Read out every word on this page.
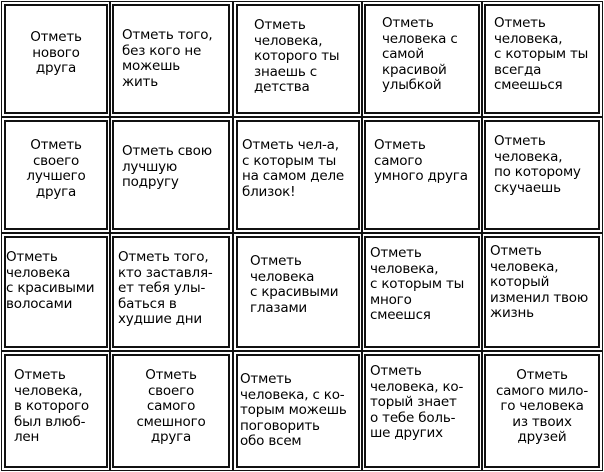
Отметь
нового
друга
Отметь того,
без кого не
можешь
жить
Отметь
человека,
которого ты
знаешь с
детства
Отметь
человека с
самой
красивой
улыбкой
Отметь
человека,
с которым ты
всегда
смеешься
Отметь
своего
лучшего
друга
Отметь свою
лучшую
подругу
Отметь чел-а,
с которым ты
на самом деле
близок!
Отметь
самого
умного друга
Отметь
человека,
по которому
скучаешь
Отметь
человека
с красивыми
волосами
Отметь того,
кто заставля-
ет тебя улы-
баться в
худшие дни
Отметь
человека
с красивыми
глазами
Отметь
человека,
с которым ты
много
смеешся
Отметь
человека,
который
изменил твою
жизнь
Отметь
человека,
в которого
был влюб-
лен
Отметь
своего
самого
смешного
друга
Отметь
человека, с ко-
торым можешь
поговорить
обо всем
Отметь
человека, ко-
торый знает
о тебе боль-
ше других
Отметь
самого мило-
го человека
из твоих
друзей
